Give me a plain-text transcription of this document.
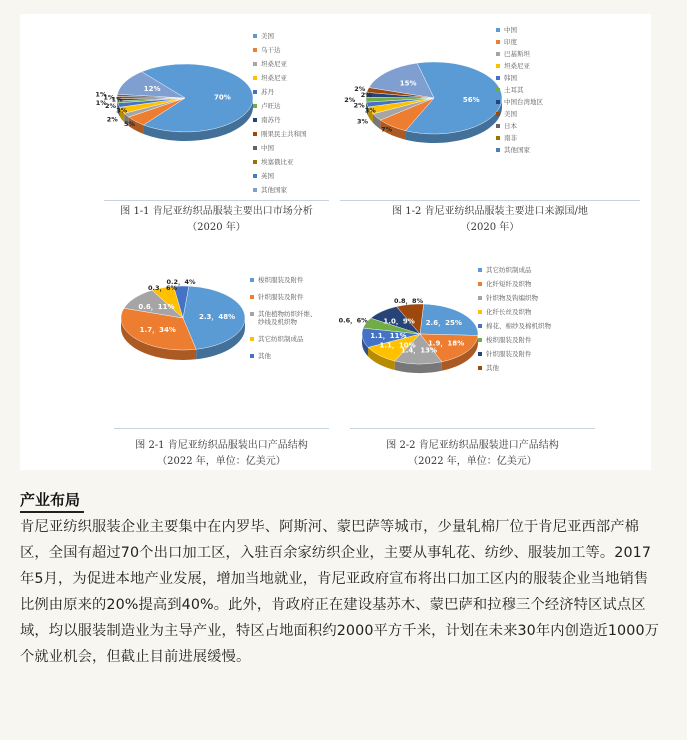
70%
5%
2%
3%
2%
1% 1%
1%
1%
12%
美国
乌干达
坦桑尼亚
坦桑尼亚
苏丹
卢旺达
南苏丹
刚果民主共和国
中国
埃塞俄比亚
英国
其他国家
图 1-1 肯尼亚纺织品服装主要出口市场分析
（2020 年）
56%
7%
3%
3%
2%
2%
2%
2%
15%
中国
印度
巴基斯坦
坦桑尼亚
韩国
土耳其
中国台湾地区
美国
日本
南非
其他国家
图 1-2 肯尼亚纺织品服装主要进口来源国/地
（2020 年）
2.3，48%
1.7，34%
0.6，11%
0.3，6%
0.2，4%	梭织服装及附件
针织服装及附件
其他植物纺织纤维、纱线及机织物
其它纺织制成品
其他
图 2-1 肯尼亚纺织品服装出口产品结构
（2022 年，单位：亿美元）
2.6，25%
1.9，18%
1.4，13%
1.1，10%
1.1，11%
0.6，6% 1.0，9%
0.8，8%
其它纺织制成品
化纤短纤及织物
针织物及钩编织物
化纤长丝及织物
棉花、棉纱及棉机织物
梭织服装及附件
针织服装及附件
其他
图 2-2 肯尼亚纺织品服装进口产品结构
（2022 年，单位：亿美元）
产业布局
肯尼亚纺织服装企业主要集中在内罗毕、阿斯河、蒙巴萨等城市，少量轧棉厂位于肯尼亚西部产棉区，全国有超过70个出口加工区，入驻百余家纺织企业，主要从事轧花、纺纱、服装加工等。2017年5月，为促进本地产业发展，增加当地就业，肯尼亚政府宣布将出口加工区内的服装企业当地销售比例由原来的20%提高到40%。此外，肯政府正在建设基苏木、蒙巴萨和拉穆三个经济特区试点区域，均以服装制造业为主导产业，特区占地面积约2000平方千米，计划在未来30年内创造近1000万个就业机会，但截止目前进展缓慢。
